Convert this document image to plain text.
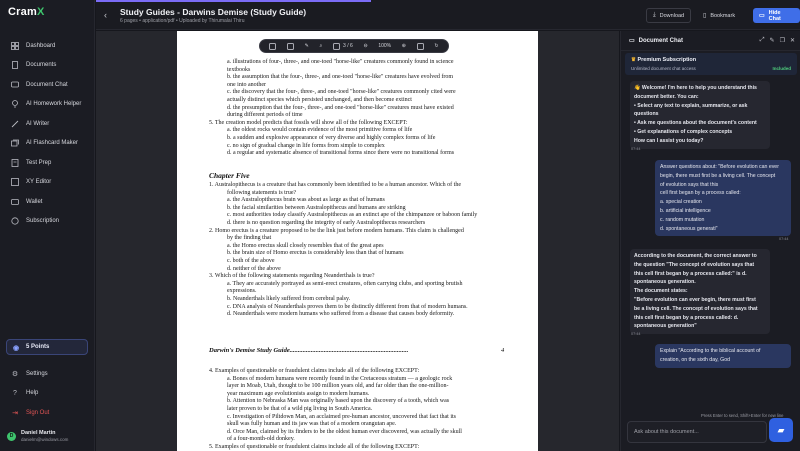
CramX
Dashboard
Documents
Document Chat
AI Homework Helper
AI Writer
AI Flashcard Maker
Test Prep
XY Editor
Wallet
Subscription
◉ 5 Points
⚙ Settings
?	Help
⇥ Sign Out
D	Daniel Martin
danielm@windows.com
‹ Study Guides - Darwins Demise (Study Guide)
6 pages • application/pdf • Uploaded by Thirumalai Thiru
⤓ Download	▯ Bookmark	▭
Hide Chat
a. illustrations of four-, three-, and one-toed "horse-like" creatures commonly found in science
textbooks
b. the assumption that the four-, three-, and one-toed "horse-like" creatures have evolved from
one into another
c. the discovery that the four-, three-, and one-toed "horse-like" creatures commonly cited were
actually distinct species which persisted unchanged, and then become extinct
d. the presumption that the four-, three-, and one-toed "horse-like" creatures must have existed
during different periods of time
5. The creation model predicts that fossils will show all of the following EXCEPT:
a. the oldest rocks would contain evidence of the most primitive forms of life
b. a sudden and explosive appearance of very diverse and highly complex forms of life
c. no sign of gradual change in life forms from simple to complex
d. a regular and systematic absence of transitional forms since there were no transitional forms
Chapter Five
1. Australopithecus is a creature that has commonly been identified to be a human ancestor. Which of the
following statements is true?
a. the Australopithecus brain was about as large as that of humans
b. the facial similarities between Australopithecus and humans are striking
c. most authorities today classify Australopithecus as an extinct ape of the chimpanzee or baboon family
d. there is no question regarding the integrity of early Australopithecus researchers
2. Homo erectus is a creature proposed to be the link just before modern humans. This claim is challenged
by the finding that
a. the Homo erectus skull closely resembles that of the great apes
b. the brain size of Homo erectus is considerably less than that of humans
c. both of the above
d. neither of the above
3. Which of the following statements regarding Neanderthals is true?
a. They are accurately portrayed as semi-erect creatures, often carrying clubs, and sporting brutish
expressions.
b. Neanderthals likely suffered from cerebral palsy.
c. DNA analysis of Neanderthals proves them to be distinctly different from that of modern humans.
d. Neanderthals were modern humans who suffered from a disease that causes body deformity.
Darwin's Demise Study Guide.........................................................................	4
4. Examples of questionable or fraudulent claims include all of the following EXCEPT:
a. Bones of modern humans were recently found in the Cretaceous stratum — a geologic rock
layer in Moab, Utah, thought to be 100 million years old, and far older than the one-million-
year maximum age evolutionists assign to modern humans.
b. Attention to Nebraska Man was originally based upon the discovery of a tooth, which was
later proven to be that of a wild pig living in South America.
c. Investigation of Piltdown Man, an acclaimed pre-human ancestor, uncovered that fact that its
skull was fully human and its jaw was that of a modern orangutan ape.
d. Orce Man, claimed by its finders to be the oldest human ever discovered, was actually the skull
of a four-month-old donkey.
5. Examples of questionable or fraudulent claims include all of the following EXCEPT:
✎ ⌕	3
/
6 ⊖ 100% ⊕	↻
▭ Document Chat	⤢ ✎ ❐ ✕
♛ Premium Subscription
Unlimited document chat access	Included
👋 Welcome! I'm here to help you understand this
document better. You can:
• Select any text to explain, summarize, or ask
questions
• Ask me questions about the document's content
• Get explanations of complex concepts
How can I assist you today?
07:44
Answer questions about: "Before evolution can ever
begin, there must first be a living cell. The concept
of evolution says that this
cell first began by a process called:
a. special creation
b. artificial intelligence
c. random mutation
d. spontaneous generati"
07:44
According to the document, the correct answer to
the question "The concept of evolution says that
this cell first began by a process called:" is d.
spontaneous generation.
The document states:
"Before evolution can ever begin, there must first
be a living cell. The concept of evolution says that
this cell first began by a process called: d.
spontaneous generation"
07:44
Explain "According to the biblical account of
creation, on the sixth day, God
Press Enter to send, Shift+Enter for new line
Ask about this document...	▰
